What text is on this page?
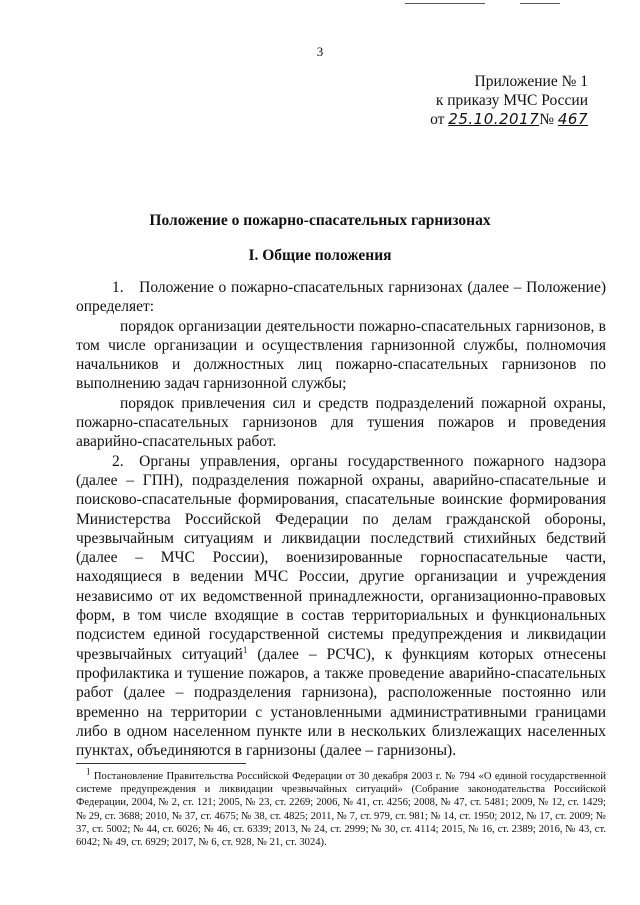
3
Приложение № 1
к приказу МЧС России
от 25.10.2017№ 467
Положение о пожарно-спасательных гарнизонах
I. Общие положения

1. Положение о пожарно-спасательных гарнизонах (далее – Положение) определяет:

порядок организации деятельности пожарно-спасательных гарнизонов, в том числе организации и осуществления гарнизонной службы, полномочия начальников и должностных лиц пожарно-спасательных гарнизонов по выполнению задач гарнизонной службы;

порядок привлечения сил и средств подразделений пожарной охраны, пожарно-спасательных гарнизонов для тушения пожаров и проведения аварийно-спасательных работ.

2. Органы управления, органы государственного пожарного надзора (далее – ГПН), подразделения пожарной охраны, аварийно-спасательные и поисково-спасательные формирования, спасательные воинские формирования Министерства Российской Федерации по делам гражданской обороны, чрезвычайным ситуациям и ликвидации последствий стихийных бедствий (далее – МЧС России), военизированные горноспасательные части, находящиеся в ведении МЧС России, другие организации и учреждения независимо от их ведомственной принадлежности, организационно-правовых форм, в том числе входящие в состав территориальных и функциональных подсистем единой государственной системы предупреждения и ликвидации чрезвычайных ситуаций$^1$ (далее – РСЧС), к функциям которых отнесены профилактика и тушение пожаров, а также проведение аварийно-спасательных работ (далее – подразделения гарнизона), расположенные постоянно или временно на территории с установленными административными границами либо в одном населенном пункте или в нескольких близлежащих населенных пунктах, объединяются в гарнизоны (далее – гарнизоны).

$^1$ Постановление Правительства Российской Федерации от 30 декабря 2003 г. № 794 «О единой государственной системе предупреждения и ликвидации чрезвычайных ситуаций» (Собрание законодательства Российской Федерации, 2004, № 2, ст. 121; 2005, № 23, ст. 2269; 2006, № 41, ст. 4256; 2008, № 47, ст. 5481; 2009, № 12, ст. 1429; № 29, ст. 3688; 2010, № 37, ст. 4675; № 38, ст. 4825; 2011, № 7, ст. 979, ст. 981; № 14, ст. 1950; 2012, № 17, ст. 2009; № 37, ст. 5002; № 44, ст. 6026; № 46, ст. 6339; 2013, № 24, ст. 2999; № 30, ст. 4114; 2015, № 16, ст. 2389; 2016, № 43, ст. 6042; № 49, ст. 6929; 2017, № 6, ст. 928, № 21, ст. 3024).
